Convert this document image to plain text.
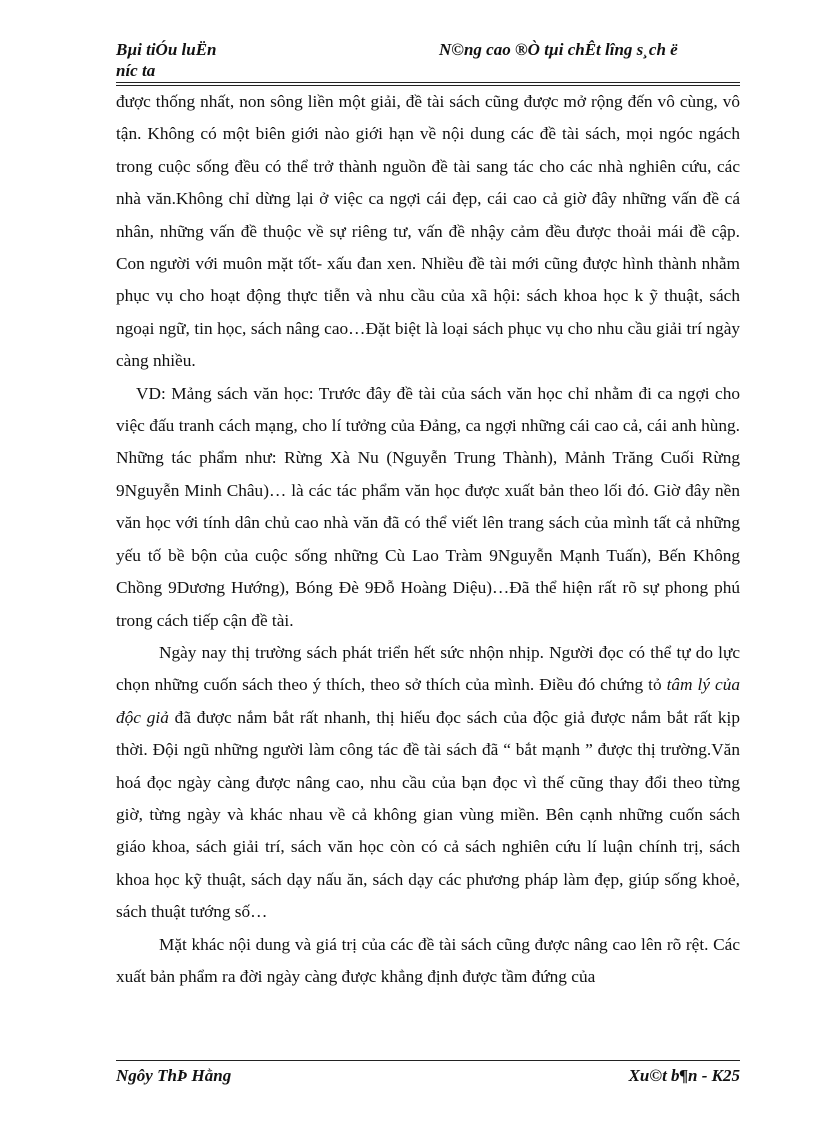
Bµi tiÓu luËn
níc ta
N©ng cao ®Ò tµi chÊt lîng s¸ch ë

được thống nhất, non sông liền một giải, đề tài sách cũng được mở rộng đến vô cùng, vô tận. Không có một biên giới nào giới hạn về nội dung các đề tài sách, mọi ngóc ngách trong cuộc sống đều có thể trở thành nguồn đề tài sang tác cho các nhà nghiên cứu, các nhà văn.Không chỉ dừng lại ở việc ca ngợi cái đẹp, cái cao cả giờ đây những vấn đề cá nhân, những vấn đề thuộc về sự riêng tư, vấn đề nhậy cảm đều được thoải mái đề cập. Con người với muôn mặt tốt- xấu đan xen. Nhiều đề tài mới cũng được hình thành nhằm phục vụ cho hoạt động thực tiễn và nhu cầu của xã hội: sách khoa học k ỹ thuật, sách ngoại ngữ, tin học, sách nâng cao…Đặt biệt là loại sách phục vụ cho nhu cầu giải trí ngày càng nhiều.

VD: Mảng sách văn học: Trước đây đề tài của sách văn học chỉ nhằm đi ca ngợi cho việc đấu tranh cách mạng, cho lí tưởng của Đảng, ca ngợi những cái cao cả, cái anh hùng. Những tác phẩm như: Rừng Xà Nu (Nguyễn Trung Thành), Mảnh Trăng Cuối Rừng 9Nguyễn Minh Châu)… là các tác phẩm văn học được xuất bản theo lối đó. Giờ đây nền văn học với tính dân chủ cao nhà văn đã có thể viết lên trang sách của mình tất cả những yếu tố bề bộn của cuộc sống những Cù Lao Tràm 9Nguyễn Mạnh Tuấn), Bến Không Chồng 9Dương Hướng), Bóng Đè 9Đỗ Hoàng Diệu)…Đã thể hiện rất rõ sự phong phú trong cách tiếp cận đề tài.

Ngày nay thị trường sách phát triển hết sức nhộn nhịp. Người đọc có thể tự do lực chọn những cuốn sách theo ý thích, theo sở thích của mình. Điều đó chứng tỏ tâm lý của độc giả đã được nắm bắt rất nhanh, thị hiếu đọc sách của độc giả được nắm bắt rất kịp thời. Đội ngũ những người làm công tác đề tài sách đã “ bắt mạnh ” được thị trường.Văn hoá đọc ngày càng được nâng cao, nhu cầu của bạn đọc vì thế cũng thay đổi theo từng giờ, từng ngày và khác nhau về cả không gian vùng miền. Bên cạnh những cuốn sách giáo khoa, sách giải trí, sách văn học còn có cả sách nghiên cứu lí luận chính trị, sách khoa học kỹ thuật, sách dạy nấu ăn, sách dạy các phương pháp làm đẹp, giúp sống khoẻ, sách thuật tướng số…

Mặt khác nội dung và giá trị của các đề tài sách cũng được nâng cao lên rõ rệt. Các xuất bản phẩm ra đời ngày càng được khẳng định được tầm đứng của

Ngôy ThÞ Hằng	Xu©t b¶n - K25
